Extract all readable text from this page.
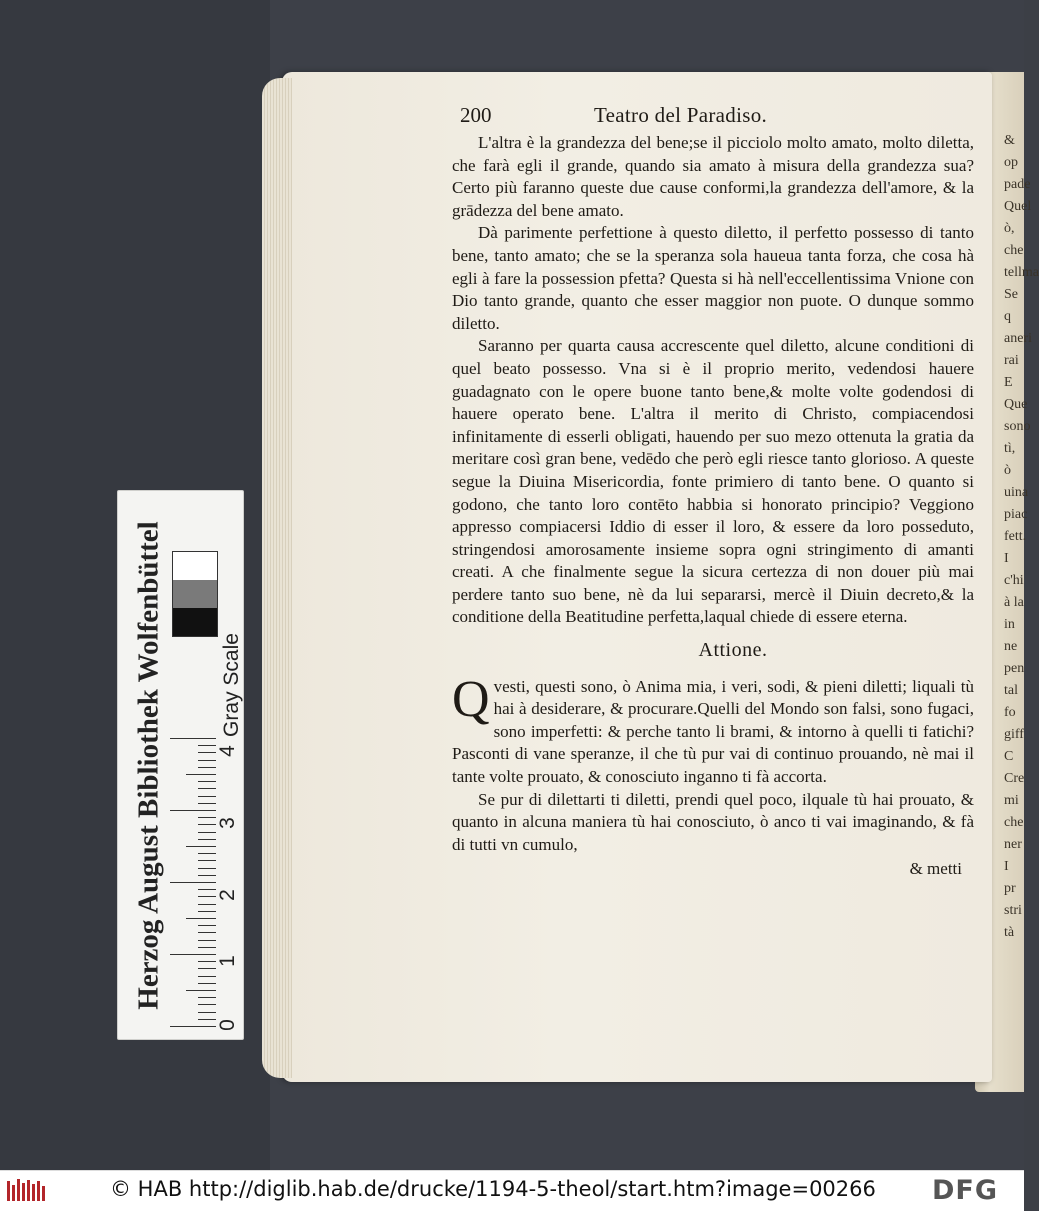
& op
pade
Quel
ò, che
tellma
Se q
aneri
rai E
Que
sono
tì, ò
uina
piac
fett.
I
c'hi
à la
in
ne
pen
tal
fo
giff
C
Cre
mi
che
ner
I
pr
stri
tà
200	Teatro del Paradiso.

L'altra è la grandezza del bene;se il picciolo molto amato, molto diletta, che farà egli il grande, quando sia amato à misura della grandezza sua? Certo più faranno queste due cause conformi,la grandezza dell'amore, & la grādezza del bene amato.

Dà parimente perfettione à questo diletto, il perfetto possesso di tanto bene, tanto amato; che se la speranza sola haueua tanta forza, che cosa hà egli à fare la possession pfetta? Questa si hà nell'eccellentissima Vnione con Dio tanto grande, quanto che esser maggior non puote. O dunque sommo diletto.

Saranno per quarta causa accrescente quel diletto, alcune conditioni di quel beato possesso. Vna si è il proprio merito, vedendosi hauere guadagnato con le opere buone tanto bene,& molte volte godendosi di hauere operato bene. L'altra il merito di Christo, compiacendosi infinitamente di esserli obligati, hauendo per suo mezo ottenuta la gratia da meritare così gran bene, vedēdo che però egli riesce tanto glorioso. A queste segue la Diuina Misericordia, fonte primiero di tanto bene. O quanto si godono, che tanto loro contēto habbia si honorato principio? Veggiono appresso compiacersi Iddio di esser il loro, & essere da loro posseduto, stringendosi amorosamente insieme sopra ogni stringimento di amanti creati. A che finalmente segue la sicura certezza di non douer più mai perdere tanto suo bene, nè da lui separarsi, mercè il Diuin decreto,& la conditione della Beatitudine perfetta,laqual chiede di essere eterna.

Attione.

Qvesti, questi sono, ò Anima mia, i veri, sodi, & pieni diletti; liquali tù hai à desiderare, & procurare.Quelli del Mondo son falsi, sono fugaci, sono imperfetti: & perche tanto li brami, & intorno à quelli ti fatichi? Pasconti di vane speranze, il che tù pur vai di continuo prouando, nè mai il tante volte prouato, & conosciuto inganno ti fà accorta.

Se pur di dilettarti ti diletti, prendi quel poco, ilquale tù hai prouato, & quanto in alcuna maniera tù hai conosciuto, ò anco ti vai imaginando, & fà di tutti vn cumulo,

& metti
Herzog August Bibliothek Wolfenbüttel	Gray Scale
4
3
2
1
0
© HAB http://diglib.hab.de/drucke/1194-5-theol/start.htm?image=00266 DFG
